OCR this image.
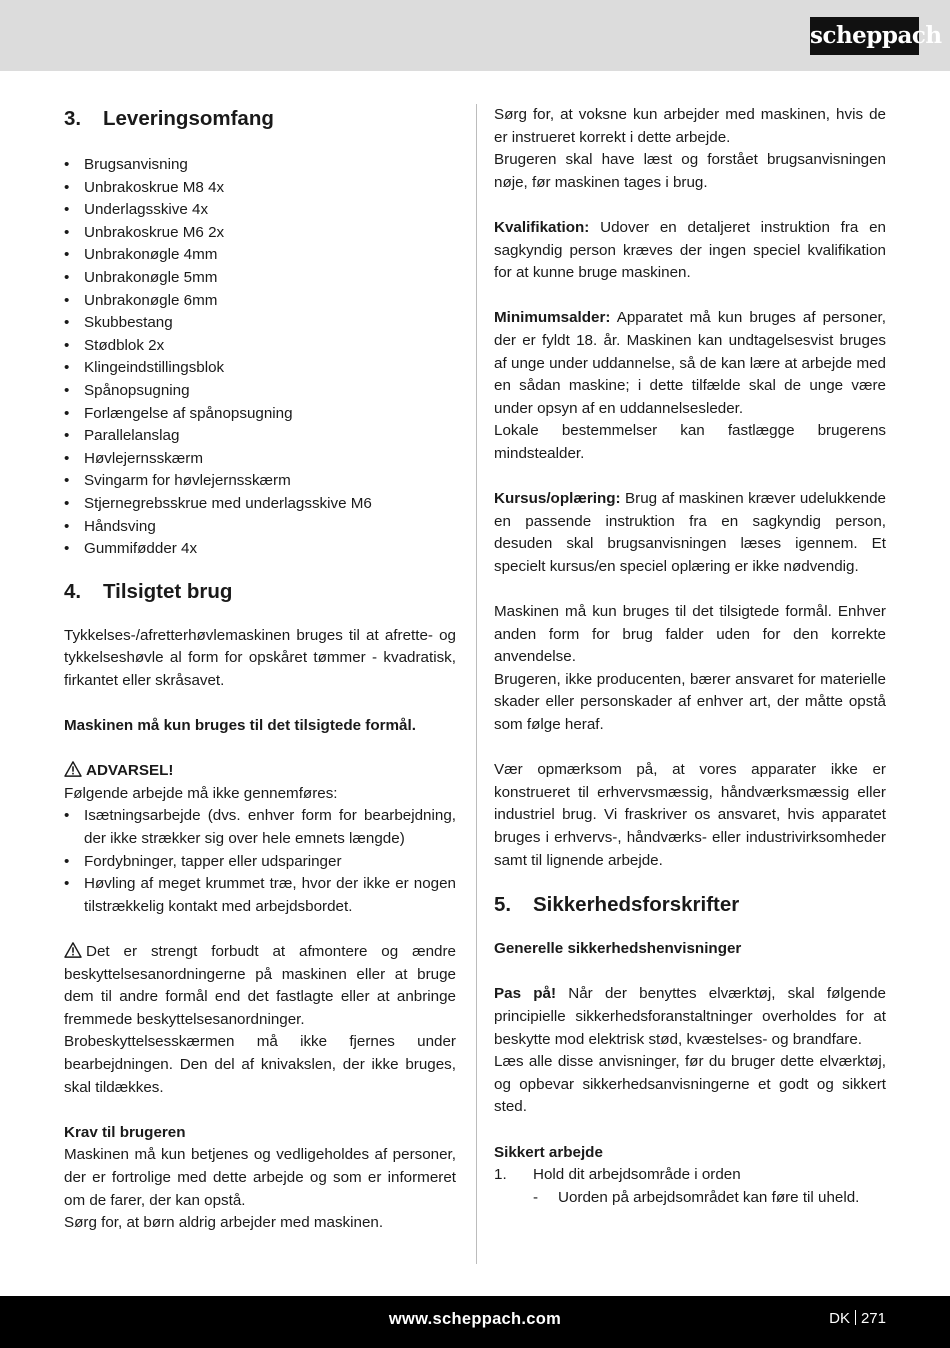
scheppach
3. Leveringsomfang
• Brugsanvisning
• Unbrakoskrue M8 4x
• Underlagsskive 4x
• Unbrakoskrue M6 2x
• Unbrakonøgle 4mm
• Unbrakonøgle 5mm
• Unbrakonøgle 6mm
• Skubbestang
• Stødblok 2x
• Klingeindstillingsblok
• Spånopsugning
• Forlængelse af spånopsugning
• Parallelanslag
• Høvlejernsskærm
• Svingarm for høvlejernsskærm
• Stjernegrebsskrue med underlagsskive M6
• Håndsving
• Gummifødder 4x
4. Tilsigtet brug

Tykkelses-/afretterhøvlemaskinen bruges til at afrette- og tykkelseshøvle al form for opskåret tømmer - kvadratisk, firkantet eller skråsavet.

Maskinen må kun bruges til det tilsigtede formål.

ADVARSEL!

Følgende arbejde må ikke gennemføres:

• Isætningsarbejde (dvs. enhver form for bearbejdning, der ikke strækker sig over hele emnets længde)
• Fordybninger, tapper eller udsparinger
• Høvling af meget krummet træ, hvor der ikke er nogen tilstrækkelig kontakt med arbejdsbordet.

Det er strengt forbudt at afmontere og ændre beskyttelsesanordningerne på maskinen eller at bruge dem til andre formål end det fastlagte eller at anbringe fremmede beskyttelsesanordninger.

Brobeskyttelsesskærmen må ikke fjernes under bearbejdningen. Den del af knivakslen, der ikke bruges, skal tildækkes.

Krav til brugeren

Maskinen må kun betjenes og vedligeholdes af personer, der er fortrolige med dette arbejde og som er informeret om de farer, der kan opstå.

Sørg for, at børn aldrig arbejder med maskinen.

Sørg for, at voksne kun arbejder med maskinen, hvis de er instrueret korrekt i dette arbejde.

Brugeren skal have læst og forstået brugsanvisningen nøje, før maskinen tages i brug.

Kvalifikation: Udover en detaljeret instruktion fra en sagkyndig person kræves der ingen speciel kvalifikation for at kunne bruge maskinen.

Minimumsalder: Apparatet må kun bruges af personer, der er fyldt 18. år. Maskinen kan undtagelsesvist bruges af unge under uddannelse, så de kan lære at arbejde med en sådan maskine; i dette tilfælde skal de unge være under opsyn af en uddannelsesleder.

Lokale bestemmelser kan fastlægge brugerens mindstealder.

Kursus/oplæring: Brug af maskinen kræver udelukkende en passende instruktion fra en sagkyndig person, desuden skal brugsanvisningen læses igennem. Et specielt kursus/en speciel oplæring er ikke nødvendig.

Maskinen må kun bruges til det tilsigtede formål. Enhver anden form for brug falder uden for den korrekte anvendelse.

Brugeren, ikke producenten, bærer ansvaret for materielle skader eller personskader af enhver art, der måtte opstå som følge heraf.

Vær opmærksom på, at vores apparater ikke er konstrueret til erhvervsmæssig, håndværksmæssig eller industriel brug. Vi fraskriver os ansvaret, hvis apparatet bruges i erhvervs-, håndværks- eller industrivirksomheder samt til lignende arbejde.

5. Sikkerhedsforskrifter

Generelle sikkerhedshenvisninger

Pas på! Når der benyttes elværktøj, skal følgende principielle sikkerhedsforanstaltninger overholdes for at beskytte mod elektrisk stød, kvæstelses- og brandfare.

Læs alle disse anvisninger, før du bruger dette elværktøj, og opbevar sikkerhedsanvisningerne et godt og sikkert sted.

Sikkert arbejde

1.	Hold dit arbejdsområde i orden
-	Uorden på arbejdsområdet kan føre til uheld.
www.scheppach.com	DK 271
